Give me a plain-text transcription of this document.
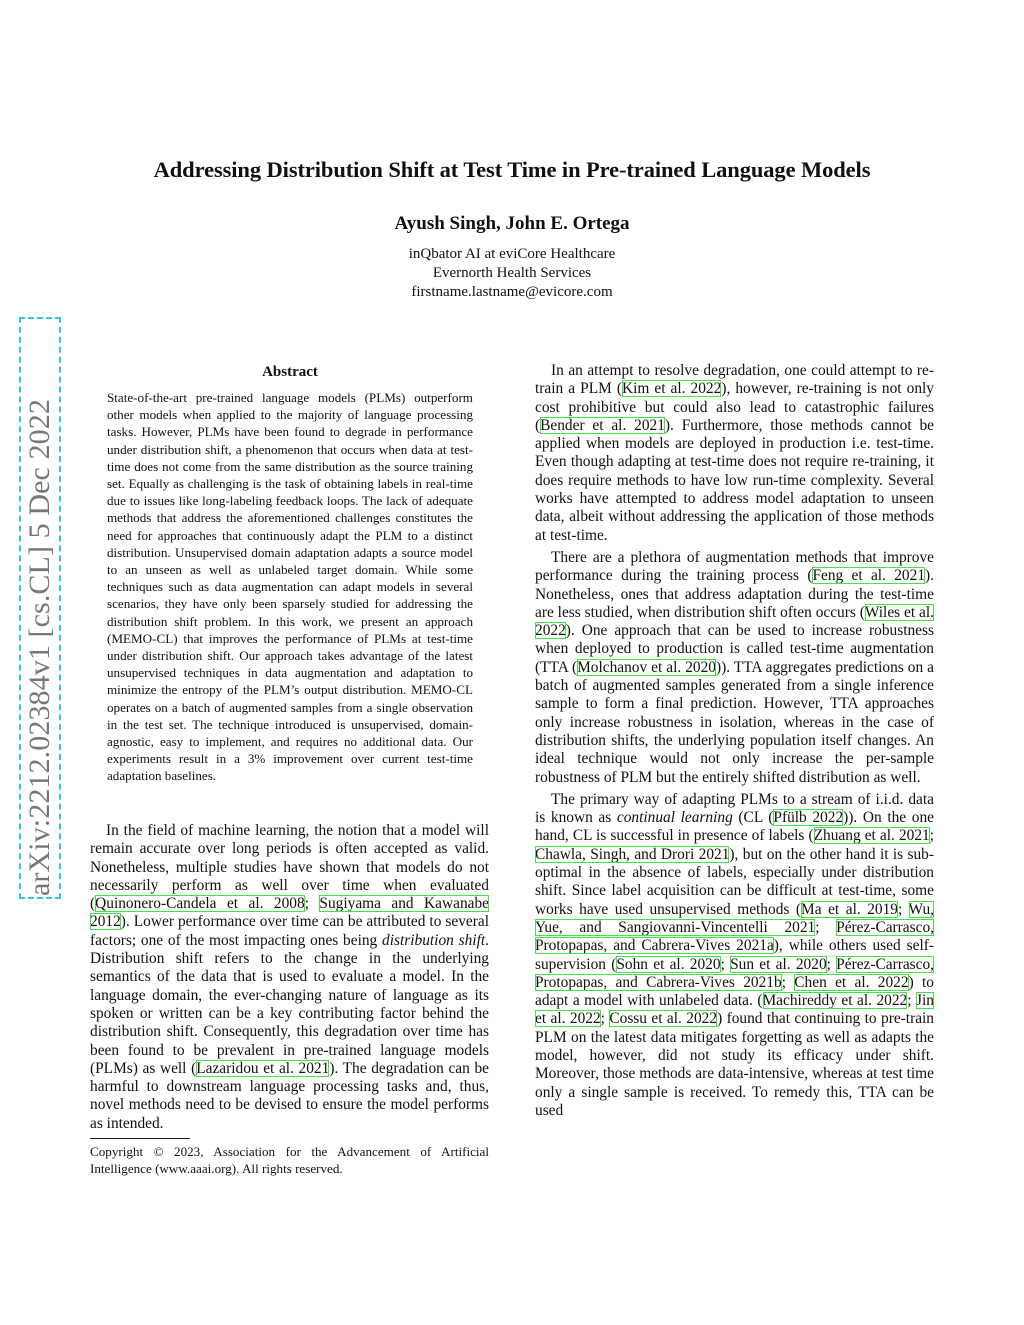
Addressing Distribution Shift at Test Time in Pre-trained Language Models
Ayush Singh, John E. Ortega
inQbator AI at eviCore Healthcare
Evernorth Health Services
firstname.lastname@evicore.com
arXiv:2212.02384v1 [cs.CL] 5 Dec 2022
Abstract
State-of-the-art pre-trained language models (PLMs) outperform other models when applied to the majority of language processing tasks. However, PLMs have been found to degrade in performance under distribution shift, a phenomenon that occurs when data at test-time does not come from the same distribution as the source training set. Equally as challenging is the task of obtaining labels in real-time due to issues like long-labeling feedback loops. The lack of adequate methods that address the aforementioned challenges constitutes the need for approaches that continuously adapt the PLM to a distinct distribution. Unsupervised domain adaptation adapts a source model to an unseen as well as unlabeled target domain. While some techniques such as data augmentation can adapt models in several scenarios, they have only been sparsely studied for addressing the distribution shift problem. In this work, we present an approach (MEMO-CL) that improves the performance of PLMs at test-time under distribution shift. Our approach takes advantage of the latest unsupervised techniques in data augmentation and adaptation to minimize the entropy of the PLM’s output distribution. MEMO-CL operates on a batch of augmented samples from a single observation in the test set. The technique introduced is unsupervised, domain-agnostic, easy to implement, and requires no additional data. Our experiments result in a 3% improvement over current test-time adaptation baselines.

In the field of machine learning, the notion that a model will remain accurate over long periods is often accepted as valid. Nonetheless, multiple studies have shown that models do not necessarily perform as well over time when evaluated (Quinonero-Candela et al. 2008; Sugiyama and Kawanabe 2012). Lower performance over time can be attributed to several factors; one of the most impacting ones being distribution shift. Distribution shift refers to the change in the underlying semantics of the data that is used to evaluate a model. In the language domain, the ever-changing nature of language as its spoken or written can be a key contributing factor behind the distribution shift. Consequently, this degradation over time has been found to be prevalent in pre-trained language models (PLMs) as well (Lazaridou et al. 2021). The degradation can be harmful to downstream language processing tasks and, thus, novel methods need to be devised to ensure the model performs as intended.

Copyright © 2023, Association for the Advancement of Artificial Intelligence (www.aaai.org). All rights reserved.

In an attempt to resolve degradation, one could attempt to re-train a PLM (Kim et al. 2022), however, re-training is not only cost prohibitive but could also lead to catastrophic failures (Bender et al. 2021). Furthermore, those methods cannot be applied when models are deployed in production i.e. test-time. Even though adapting at test-time does not require re-training, it does require methods to have low run-time complexity. Several works have attempted to address model adaptation to unseen data, albeit without addressing the application of those methods at test-time.

There are a plethora of augmentation methods that improve performance during the training process (Feng et al. 2021). Nonetheless, ones that address adaptation during the test-time are less studied, when distribution shift often occurs (Wiles et al. 2022). One approach that can be used to increase robustness when deployed to production is called test-time augmentation (TTA (Molchanov et al. 2020)). TTA aggregates predictions on a batch of augmented samples generated from a single inference sample to form a final prediction. However, TTA approaches only increase robustness in isolation, whereas in the case of distribution shifts, the underlying population itself changes. An ideal technique would not only increase the per-sample robustness of PLM but the entirely shifted distribution as well.

The primary way of adapting PLMs to a stream of i.i.d. data is known as continual learning (CL (Pfülb 2022)). On the one hand, CL is successful in presence of labels (Zhuang et al. 2021; Chawla, Singh, and Drori 2021), but on the other hand it is sub-optimal in the absence of labels, especially under distribution shift. Since label acquisition can be difficult at test-time, some works have used unsupervised methods (Ma et al. 2019; Wu, Yue, and Sangiovanni-Vincentelli 2021; Pérez-Carrasco, Protopapas, and Cabrera-Vives 2021a), while others used self-supervision (Sohn et al. 2020; Sun et al. 2020; Pérez-Carrasco, Protopapas, and Cabrera-Vives 2021b; Chen et al. 2022) to adapt a model with unlabeled data. (Machireddy et al. 2022; Jin et al. 2022; Cossu et al. 2022) found that continuing to pre-train PLM on the latest data mitigates forgetting as well as adapts the model, however, did not study its efficacy under shift. Moreover, those methods are data-intensive, whereas at test time only a single sample is received. To remedy this, TTA can be used
